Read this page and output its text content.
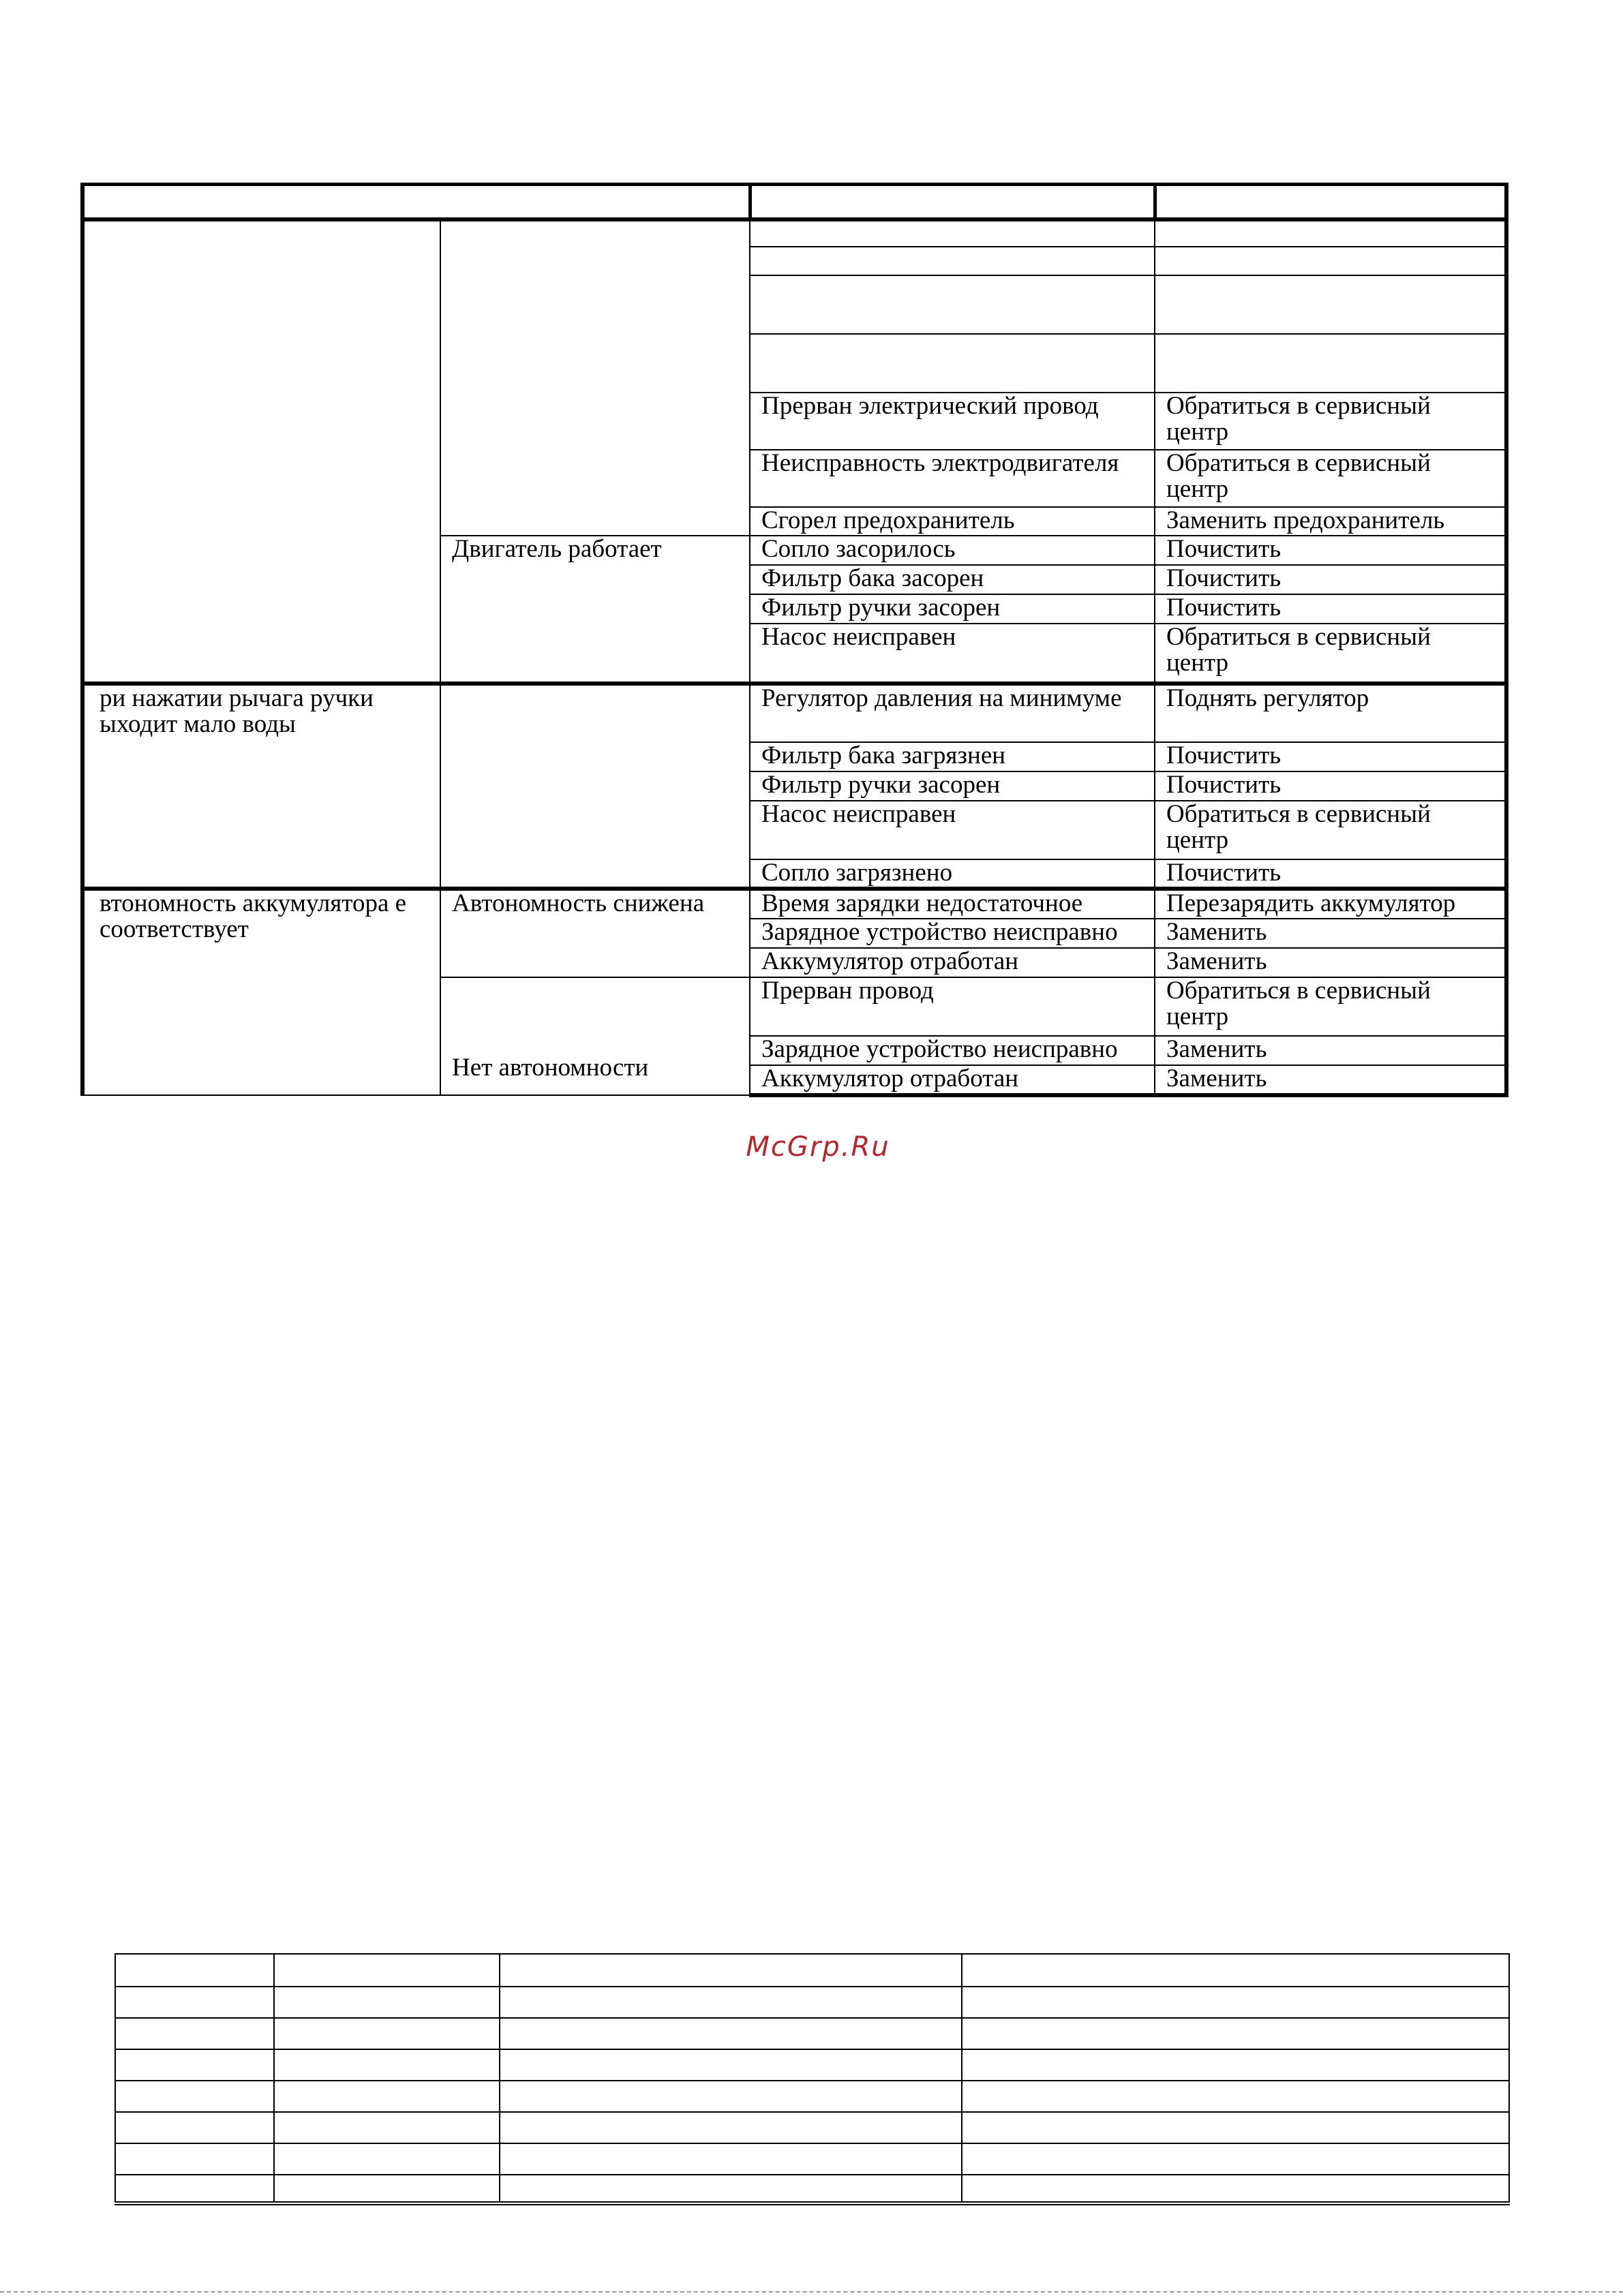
		Прерван электрический провод	Обратиться в сервисный центр
		Неисправность электродвигателя	Обратиться в сервисный центр
		Сгорел предохранитель	Заменить предохранитель
	Двигатель работает	Сопло засорилось	Почистить
		Фильтр бака засорен	Почистить
		Фильтр ручки засорен	Почистить
		Насос неисправен	Обратиться в сервисный центр
ри нажатии рычага ручки ыходит мало воды		Регулятор давления на минимуме	Поднять регулятор
		Фильтр бака загрязнен	Почистить
		Фильтр ручки засорен	Почистить
		Насос неисправен	Обратиться в сервисный центр
		Сопло загрязнено	Почистить
втономность аккумулятора е соответствует	Автономность снижена	Время зарядки недостаточное	Перезарядить аккумулятор
		Зарядное устройство неисправно	Заменить
		Аккумулятор отработан	Заменить
	Нет автономности	Прерван провод	Обратиться в сервисный центр
		Зарядное устройство неисправно	Заменить
		Аккумулятор отработан	Заменить
McGrp.Ru
